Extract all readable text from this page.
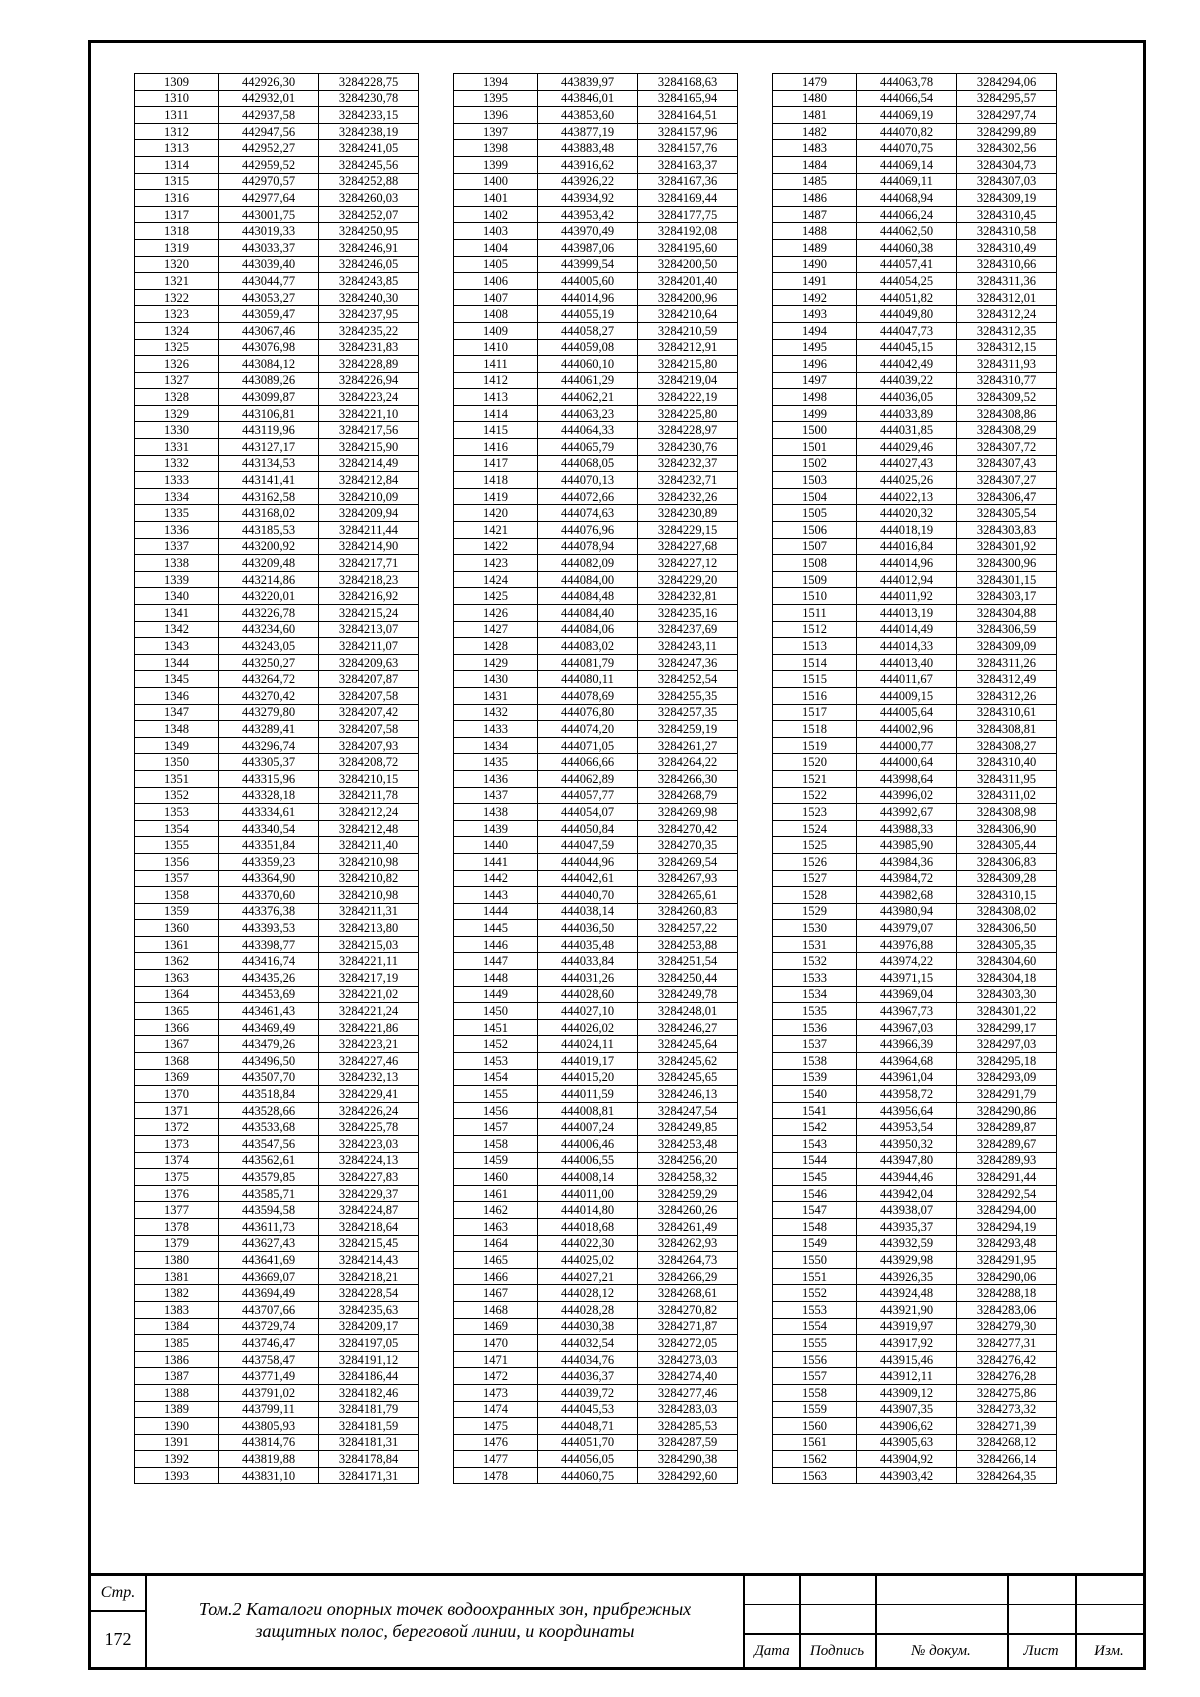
1309	442926,30	3284228,75
1310	442932,01	3284230,78
1311	442937,58	3284233,15
1312	442947,56	3284238,19
1313	442952,27	3284241,05
1314	442959,52	3284245,56
1315	442970,57	3284252,88
1316	442977,64	3284260,03
1317	443001,75	3284252,07
1318	443019,33	3284250,95
1319	443033,37	3284246,91
1320	443039,40	3284246,05
1321	443044,77	3284243,85
1322	443053,27	3284240,30
1323	443059,47	3284237,95
1324	443067,46	3284235,22
1325	443076,98	3284231,83
1326	443084,12	3284228,89
1327	443089,26	3284226,94
1328	443099,87	3284223,24
1329	443106,81	3284221,10
1330	443119,96	3284217,56
1331	443127,17	3284215,90
1332	443134,53	3284214,49
1333	443141,41	3284212,84
1334	443162,58	3284210,09
1335	443168,02	3284209,94
1336	443185,53	3284211,44
1337	443200,92	3284214,90
1338	443209,48	3284217,71
1339	443214,86	3284218,23
1340	443220,01	3284216,92
1341	443226,78	3284215,24
1342	443234,60	3284213,07
1343	443243,05	3284211,07
1344	443250,27	3284209,63
1345	443264,72	3284207,87
1346	443270,42	3284207,58
1347	443279,80	3284207,42
1348	443289,41	3284207,58
1349	443296,74	3284207,93
1350	443305,37	3284208,72
1351	443315,96	3284210,15
1352	443328,18	3284211,78
1353	443334,61	3284212,24
1354	443340,54	3284212,48
1355	443351,84	3284211,40
1356	443359,23	3284210,98
1357	443364,90	3284210,82
1358	443370,60	3284210,98
1359	443376,38	3284211,31
1360	443393,53	3284213,80
1361	443398,77	3284215,03
1362	443416,74	3284221,11
1363	443435,26	3284217,19
1364	443453,69	3284221,02
1365	443461,43	3284221,24
1366	443469,49	3284221,86
1367	443479,26	3284223,21
1368	443496,50	3284227,46
1369	443507,70	3284232,13
1370	443518,84	3284229,41
1371	443528,66	3284226,24
1372	443533,68	3284225,78
1373	443547,56	3284223,03
1374	443562,61	3284224,13
1375	443579,85	3284227,83
1376	443585,71	3284229,37
1377	443594,58	3284224,87
1378	443611,73	3284218,64
1379	443627,43	3284215,45
1380	443641,69	3284214,43
1381	443669,07	3284218,21
1382	443694,49	3284228,54
1383	443707,66	3284235,63
1384	443729,74	3284209,17
1385	443746,47	3284197,05
1386	443758,47	3284191,12
1387	443771,49	3284186,44
1388	443791,02	3284182,46
1389	443799,11	3284181,79
1390	443805,93	3284181,59
1391	443814,76	3284181,31
1392	443819,88	3284178,84
1393	443831,10	3284171,31
1394	443839,97	3284168,63
1395	443846,01	3284165,94
1396	443853,60	3284164,51
1397	443877,19	3284157,96
1398	443883,48	3284157,76
1399	443916,62	3284163,37
1400	443926,22	3284167,36
1401	443934,92	3284169,44
1402	443953,42	3284177,75
1403	443970,49	3284192,08
1404	443987,06	3284195,60
1405	443999,54	3284200,50
1406	444005,60	3284201,40
1407	444014,96	3284200,96
1408	444055,19	3284210,64
1409	444058,27	3284210,59
1410	444059,08	3284212,91
1411	444060,10	3284215,80
1412	444061,29	3284219,04
1413	444062,21	3284222,19
1414	444063,23	3284225,80
1415	444064,33	3284228,97
1416	444065,79	3284230,76
1417	444068,05	3284232,37
1418	444070,13	3284232,71
1419	444072,66	3284232,26
1420	444074,63	3284230,89
1421	444076,96	3284229,15
1422	444078,94	3284227,68
1423	444082,09	3284227,12
1424	444084,00	3284229,20
1425	444084,48	3284232,81
1426	444084,40	3284235,16
1427	444084,06	3284237,69
1428	444083,02	3284243,11
1429	444081,79	3284247,36
1430	444080,11	3284252,54
1431	444078,69	3284255,35
1432	444076,80	3284257,35
1433	444074,20	3284259,19
1434	444071,05	3284261,27
1435	444066,66	3284264,22
1436	444062,89	3284266,30
1437	444057,77	3284268,79
1438	444054,07	3284269,98
1439	444050,84	3284270,42
1440	444047,59	3284270,35
1441	444044,96	3284269,54
1442	444042,61	3284267,93
1443	444040,70	3284265,61
1444	444038,14	3284260,83
1445	444036,50	3284257,22
1446	444035,48	3284253,88
1447	444033,84	3284251,54
1448	444031,26	3284250,44
1449	444028,60	3284249,78
1450	444027,10	3284248,01
1451	444026,02	3284246,27
1452	444024,11	3284245,64
1453	444019,17	3284245,62
1454	444015,20	3284245,65
1455	444011,59	3284246,13
1456	444008,81	3284247,54
1457	444007,24	3284249,85
1458	444006,46	3284253,48
1459	444006,55	3284256,20
1460	444008,14	3284258,32
1461	444011,00	3284259,29
1462	444014,80	3284260,26
1463	444018,68	3284261,49
1464	444022,30	3284262,93
1465	444025,02	3284264,73
1466	444027,21	3284266,29
1467	444028,12	3284268,61
1468	444028,28	3284270,82
1469	444030,38	3284271,87
1470	444032,54	3284272,05
1471	444034,76	3284273,03
1472	444036,37	3284274,40
1473	444039,72	3284277,46
1474	444045,53	3284283,03
1475	444048,71	3284285,53
1476	444051,70	3284287,59
1477	444056,05	3284290,38
1478	444060,75	3284292,60
1479	444063,78	3284294,06
1480	444066,54	3284295,57
1481	444069,19	3284297,74
1482	444070,82	3284299,89
1483	444070,75	3284302,56
1484	444069,14	3284304,73
1485	444069,11	3284307,03
1486	444068,94	3284309,19
1487	444066,24	3284310,45
1488	444062,50	3284310,58
1489	444060,38	3284310,49
1490	444057,41	3284310,66
1491	444054,25	3284311,36
1492	444051,82	3284312,01
1493	444049,80	3284312,24
1494	444047,73	3284312,35
1495	444045,15	3284312,15
1496	444042,49	3284311,93
1497	444039,22	3284310,77
1498	444036,05	3284309,52
1499	444033,89	3284308,86
1500	444031,85	3284308,29
1501	444029,46	3284307,72
1502	444027,43	3284307,43
1503	444025,26	3284307,27
1504	444022,13	3284306,47
1505	444020,32	3284305,54
1506	444018,19	3284303,83
1507	444016,84	3284301,92
1508	444014,96	3284300,96
1509	444012,94	3284301,15
1510	444011,92	3284303,17
1511	444013,19	3284304,88
1512	444014,49	3284306,59
1513	444014,33	3284309,09
1514	444013,40	3284311,26
1515	444011,67	3284312,49
1516	444009,15	3284312,26
1517	444005,64	3284310,61
1518	444002,96	3284308,81
1519	444000,77	3284308,27
1520	444000,64	3284310,40
1521	443998,64	3284311,95
1522	443996,02	3284311,02
1523	443992,67	3284308,98
1524	443988,33	3284306,90
1525	443985,90	3284305,44
1526	443984,36	3284306,83
1527	443984,72	3284309,28
1528	443982,68	3284310,15
1529	443980,94	3284308,02
1530	443979,07	3284306,50
1531	443976,88	3284305,35
1532	443974,22	3284304,60
1533	443971,15	3284304,18
1534	443969,04	3284303,30
1535	443967,73	3284301,22
1536	443967,03	3284299,17
1537	443966,39	3284297,03
1538	443964,68	3284295,18
1539	443961,04	3284293,09
1540	443958,72	3284291,79
1541	443956,64	3284290,86
1542	443953,54	3284289,87
1543	443950,32	3284289,67
1544	443947,80	3284289,93
1545	443944,46	3284291,44
1546	443942,04	3284292,54
1547	443938,07	3284294,00
1548	443935,37	3284294,19
1549	443932,59	3284293,48
1550	443929,98	3284291,95
1551	443926,35	3284290,06
1552	443924,48	3284288,18
1553	443921,90	3284283,06
1554	443919,97	3284279,30
1555	443917,92	3284277,31
1556	443915,46	3284276,42
1557	443912,11	3284276,28
1558	443909,12	3284275,86
1559	443907,35	3284273,32
1560	443906,62	3284271,39
1561	443905,63	3284268,12
1562	443904,92	3284266,14
1563	443903,42	3284264,35
Стр.
172
Том.2 Каталоги опорных точек водоохранных зон, прибрежных
защитных полос, береговой линии, и координаты
Дата	Подпись	№ докум.	Лист	Изм.
